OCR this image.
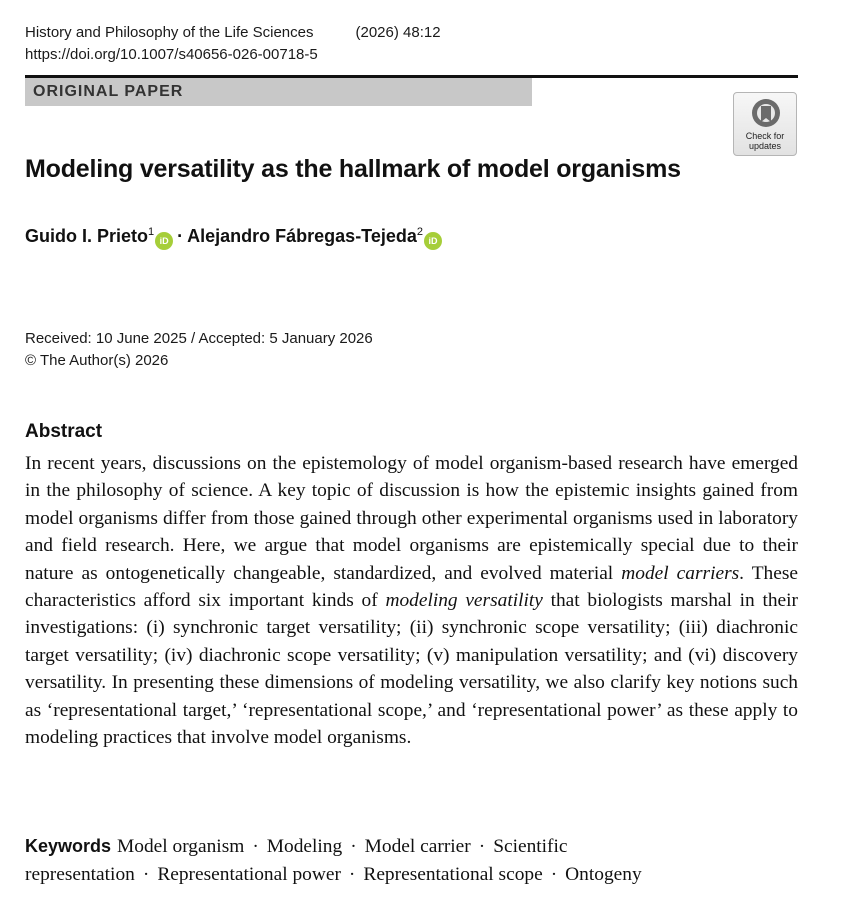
History and Philosophy of the Life Sciences	(2026) 48:12
https://doi.org/10.1007/s40656-026-00718-5
ORIGINAL PAPER
Check for
updates
Modeling versatility as the hallmark of model organisms
Guido I. Prieto$^1$iD · Alejandro Fábregas-Tejeda$^2$iD
Received: 10 June 2025 / Accepted: 5 January 2026
© The Author(s) 2026
Abstract

In recent years, discussions on the epistemology of model organism-based research have emerged in the philosophy of science. A key topic of discussion is how the epistemic insights gained from model organisms differ from those gained through other experimental organisms used in laboratory and field research. Here, we argue that model organisms are epistemically special due to their nature as ontogenetically changeable, standardized, and evolved material model carriers. These characteristics afford six important kinds of modeling versatility that biologists marshal in their investigations: (i) synchronic target versatility; (ii) synchronic scope versatility; (iii) diachronic target versatility; (iv) diachronic scope versatility; (v) manipulation versatility; and (vi) discovery versatility. In presenting these dimensions of modeling versatility, we also clarify key notions such as ‘representational target,’ ‘representational scope,’ and ‘representational power’ as these apply to modeling practices that involve model organisms.

Keywords Model organism · Modeling · Model carrier · Scientific representation · Representational power · Representational scope · Ontogeny
